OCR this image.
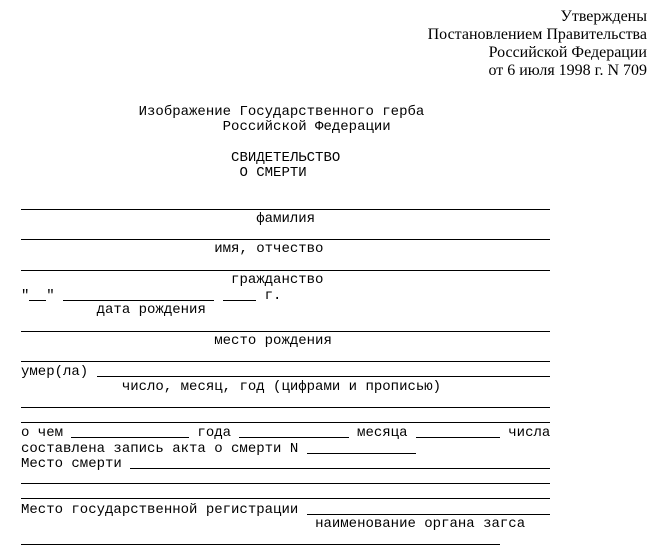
Утверждены
Постановлением Правительства
Российской Федерации
от 6 июля 1998 г. N 709
Изображение Государственного герба
Российской Федерации
СВИДЕТЕЛЬСТВО
О СМЕРТИ
фамилия
имя, отчество
гражданство
" "	г.
дата рождения
место рождения
умер(ла)
число, месяц, год (цифрами и прописью)
о чем	года	месяца	числа
составлена запись акта о смерти N
Место смерти
Место государственной регистрации
наименование органа загса
